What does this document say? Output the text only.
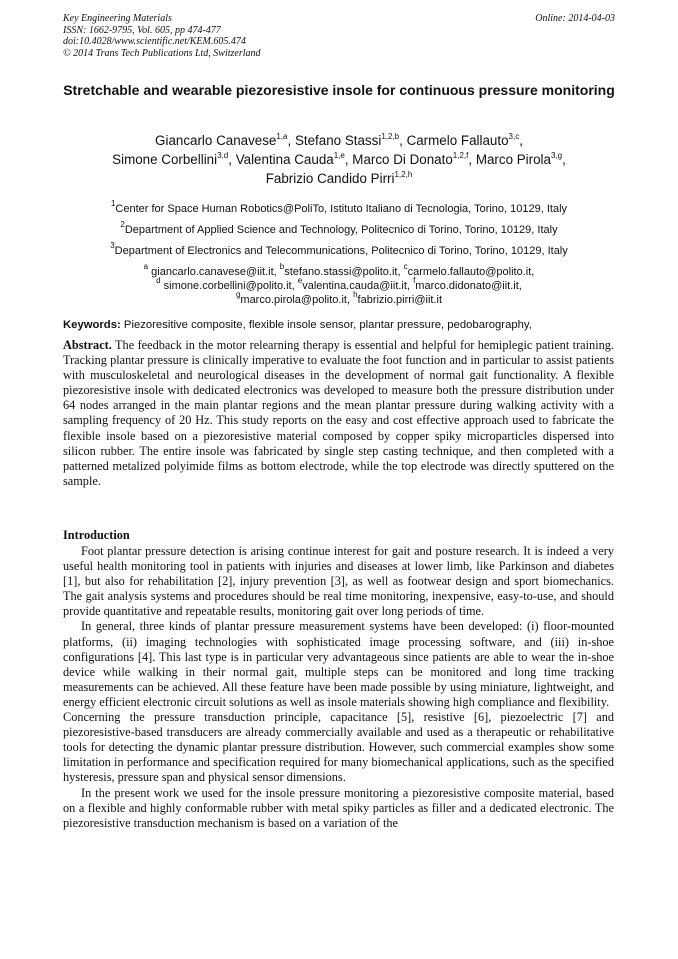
Key Engineering Materials
ISSN: 1662-9795, Vol. 605, pp 474-477
doi:10.4028/www.scientific.net/KEM.605.474
© 2014 Trans Tech Publications Ltd, Switzerland
Online: 2014-04-03
Stretchable and wearable piezoresistive insole for continuous pressure monitoring
Giancarlo Canavese$^{1,a}$, Stefano Stassi$^{1,2,b}$, Carmelo Fallauto$^{3,c}$,
Simone Corbellini$^{3,d}$, Valentina Cauda$^{1,e}$, Marco Di Donato$^{1,2,f}$, Marco Pirola$^{3,g}$,
Fabrizio Candido Pirri$^{1,2,h}$
$^1$Center for Space Human Robotics@PoliTo, Istituto Italiano di Tecnologia, Torino, 10129, Italy
$^2$Department of Applied Science and Technology, Politecnico di Torino, Torino, 10129, Italy
$^3$Department of Electronics and Telecommunications, Politecnico di Torino, Torino, 10129, Italy
$^a$ giancarlo.canavese@iit.it, $^b$stefano.stassi@polito.it, $^c$carmelo.fallauto@polito.it,
$^d$ simone.corbellini@polito.it, $^e$valentina.cauda@iit.it, $^f$marco.didonato@iit.it,
$^g$marco.pirola@polito.it, $^h$fabrizio.pirri@iit.it
Keywords: Piezoresitive composite, flexible insole sensor, plantar pressure, pedobarography,
Abstract. The feedback in the motor relearning therapy is essential and helpful for hemiplegic patient training. Tracking plantar pressure is clinically imperative to evaluate the foot function and in particular to assist patients with musculoskeletal and neurological diseases in the development of normal gait functionality. A flexible piezoresistive insole with dedicated electronics was developed to measure both the pressure distribution under 64 nodes arranged in the main plantar regions and the mean plantar pressure during walking activity with a sampling frequency of 20 Hz. This study reports on the easy and cost effective approach used to fabricate the flexible insole based on a piezoresistive material composed by copper spiky microparticles dispersed into silicon rubber. The entire insole was fabricated by single step casting technique, and then completed with a patterned metalized polyimide films as bottom electrode, while the top electrode was directly sputtered on the sample.
Introduction

Foot plantar pressure detection is arising continue interest for gait and posture research. It is indeed a very useful health monitoring tool in patients with injuries and diseases at lower limb, like Parkinson and diabetes [1], but also for rehabilitation [2], injury prevention [3], as well as footwear design and sport biomechanics. The gait analysis systems and procedures should be real time monitoring, inexpensive, easy-to-use, and should provide quantitative and repeatable results, monitoring gait over long periods of time.

In general, three kinds of plantar pressure measurement systems have been developed: (i) floor-mounted platforms, (ii) imaging technologies with sophisticated image processing software, and (iii) in-shoe configurations [4]. This last type is in particular very advantageous since patients are able to wear the in-shoe device while walking in their normal gait, multiple steps can be monitored and long time tracking measurements can be achieved. All these feature have been made possible by using miniature, lightweight, and energy efficient electronic circuit solutions as well as insole materials showing high compliance and flexibility.

Concerning the pressure transduction principle, capacitance [5], resistive [6], piezoelectric [7] and piezoresistive-based transducers are already commercially available and used as a therapeutic or rehabilitative tools for detecting the dynamic plantar pressure distribution. However, such commercial examples show some limitation in performance and specification required for many biomechanical applications, such as the specified hysteresis, pressure span and physical sensor dimensions.

In the present work we used for the insole pressure monitoring a piezoresistive composite material, based on a flexible and highly conformable rubber with metal spiky particles as filler and a dedicated electronic. The piezoresistive transduction mechanism is based on a variation of the
